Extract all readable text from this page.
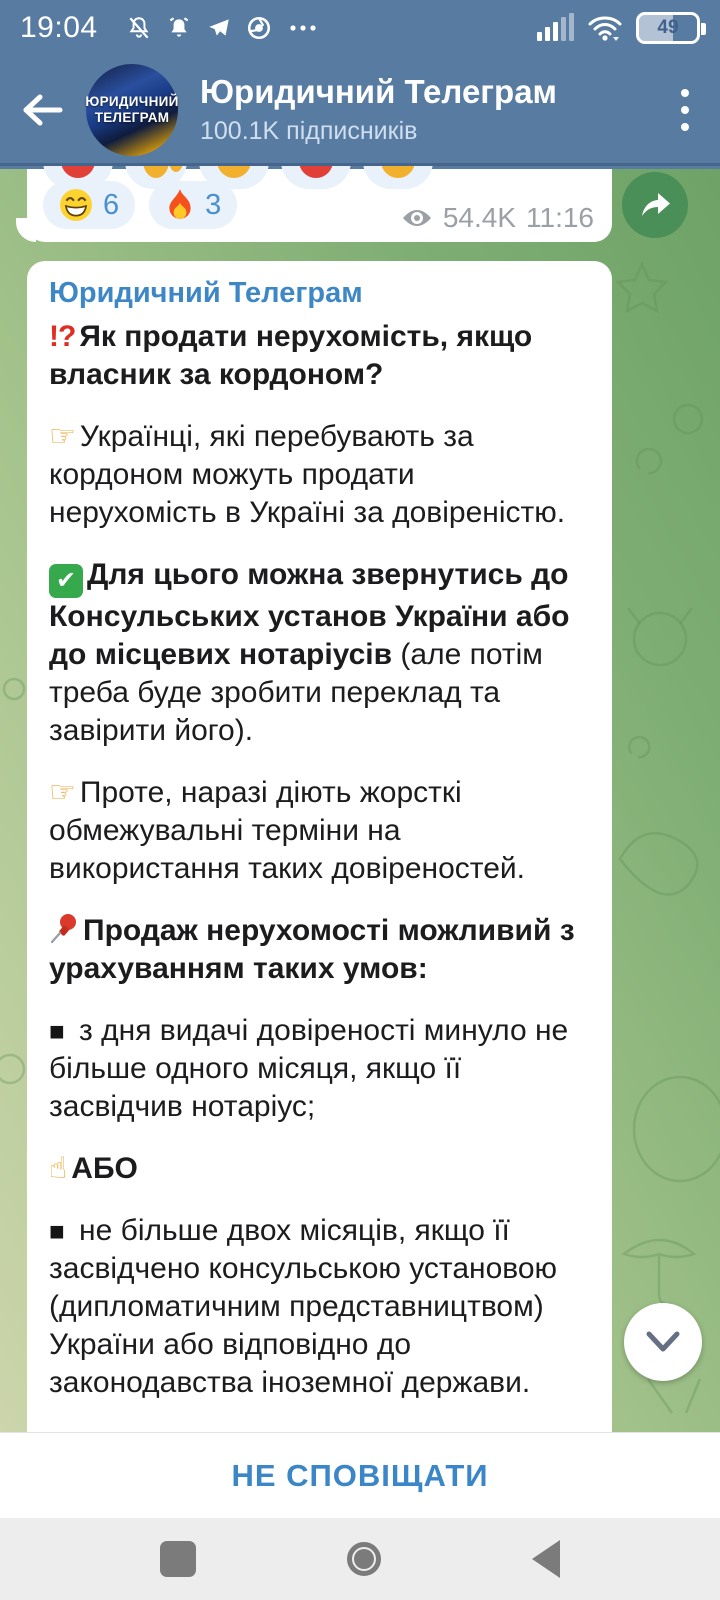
19:04	49
ЮРИДИЧНИЙ
ТЕЛЕГРАМ
Юридичний Телеграм
100.1K підписників
6	3	54.4K 11:16
Юридичний Телеграм

!? Як продати нерухомість, якщо власник за кордоном?

☞ Українці, які перебувають за кордоном можуть продати нерухомість в Україні за довіреністю.

✔ Для цього можна звернутись до Консульських установ України або до місцевих нотаріусів (але потім треба буде зробити переклад та завірити його).

☞ Проте, наразі діють жорсткі обмежувальні терміни на використання таких довіреностей.

Продаж нерухомості можливий з урахуванням таких умов:

■ з дня видачі довіреності минуло не більше одного місяця, якщо її засвідчив нотаріус;

☝ АБО

■ не більше двох місяців, якщо її засвідчено консульською установою (дипломатичним представництвом) України або відповідно до законодавства іноземної держави.

НЕ СПОВІЩАТИ
